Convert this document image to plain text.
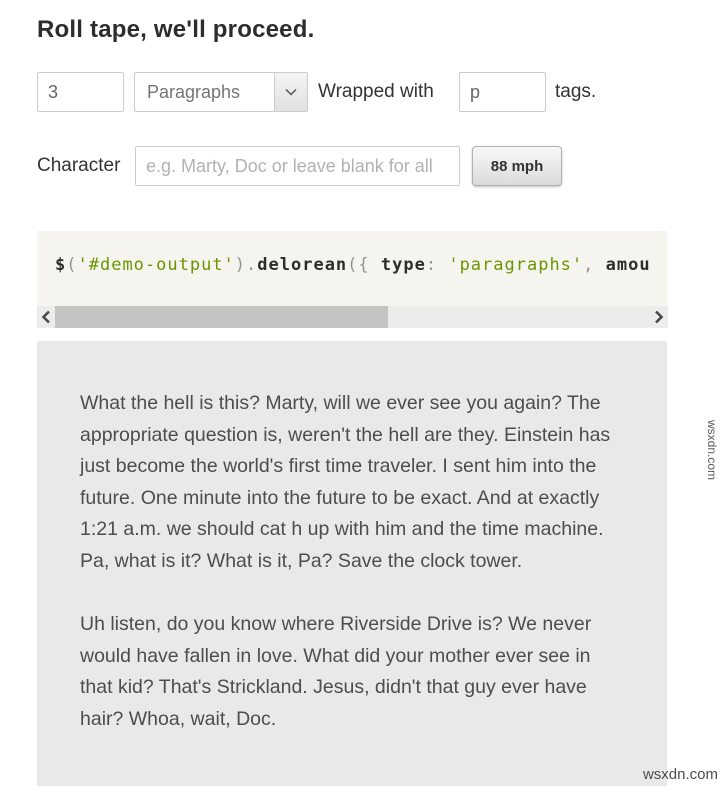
Roll tape, we'll proceed.
3
Paragraphs	Wrapped with
p	tags.
Character
e.g. Marty, Doc or leave blank for all	88 mph
$('#demo-output').delorean({ type: 'paragraphs', amou

What the hell is this? Marty, will we ever see you again? The appropriate question is, weren't the hell are they. Einstein has just become the world's first time traveler. I sent him into the future. One minute into the future to be exact. And at exactly 1:21 a.m. we should cat h up with him and the time machine. Pa, what is it? What is it, Pa? Save the clock tower.

Uh listen, do you know where Riverside Drive is? We never would have fallen in love. What did your mother ever see in that kid? That's Strickland. Jesus, didn't that guy ever have hair? Whoa, wait, Doc.

wsxdn.com
wsxdn.com
